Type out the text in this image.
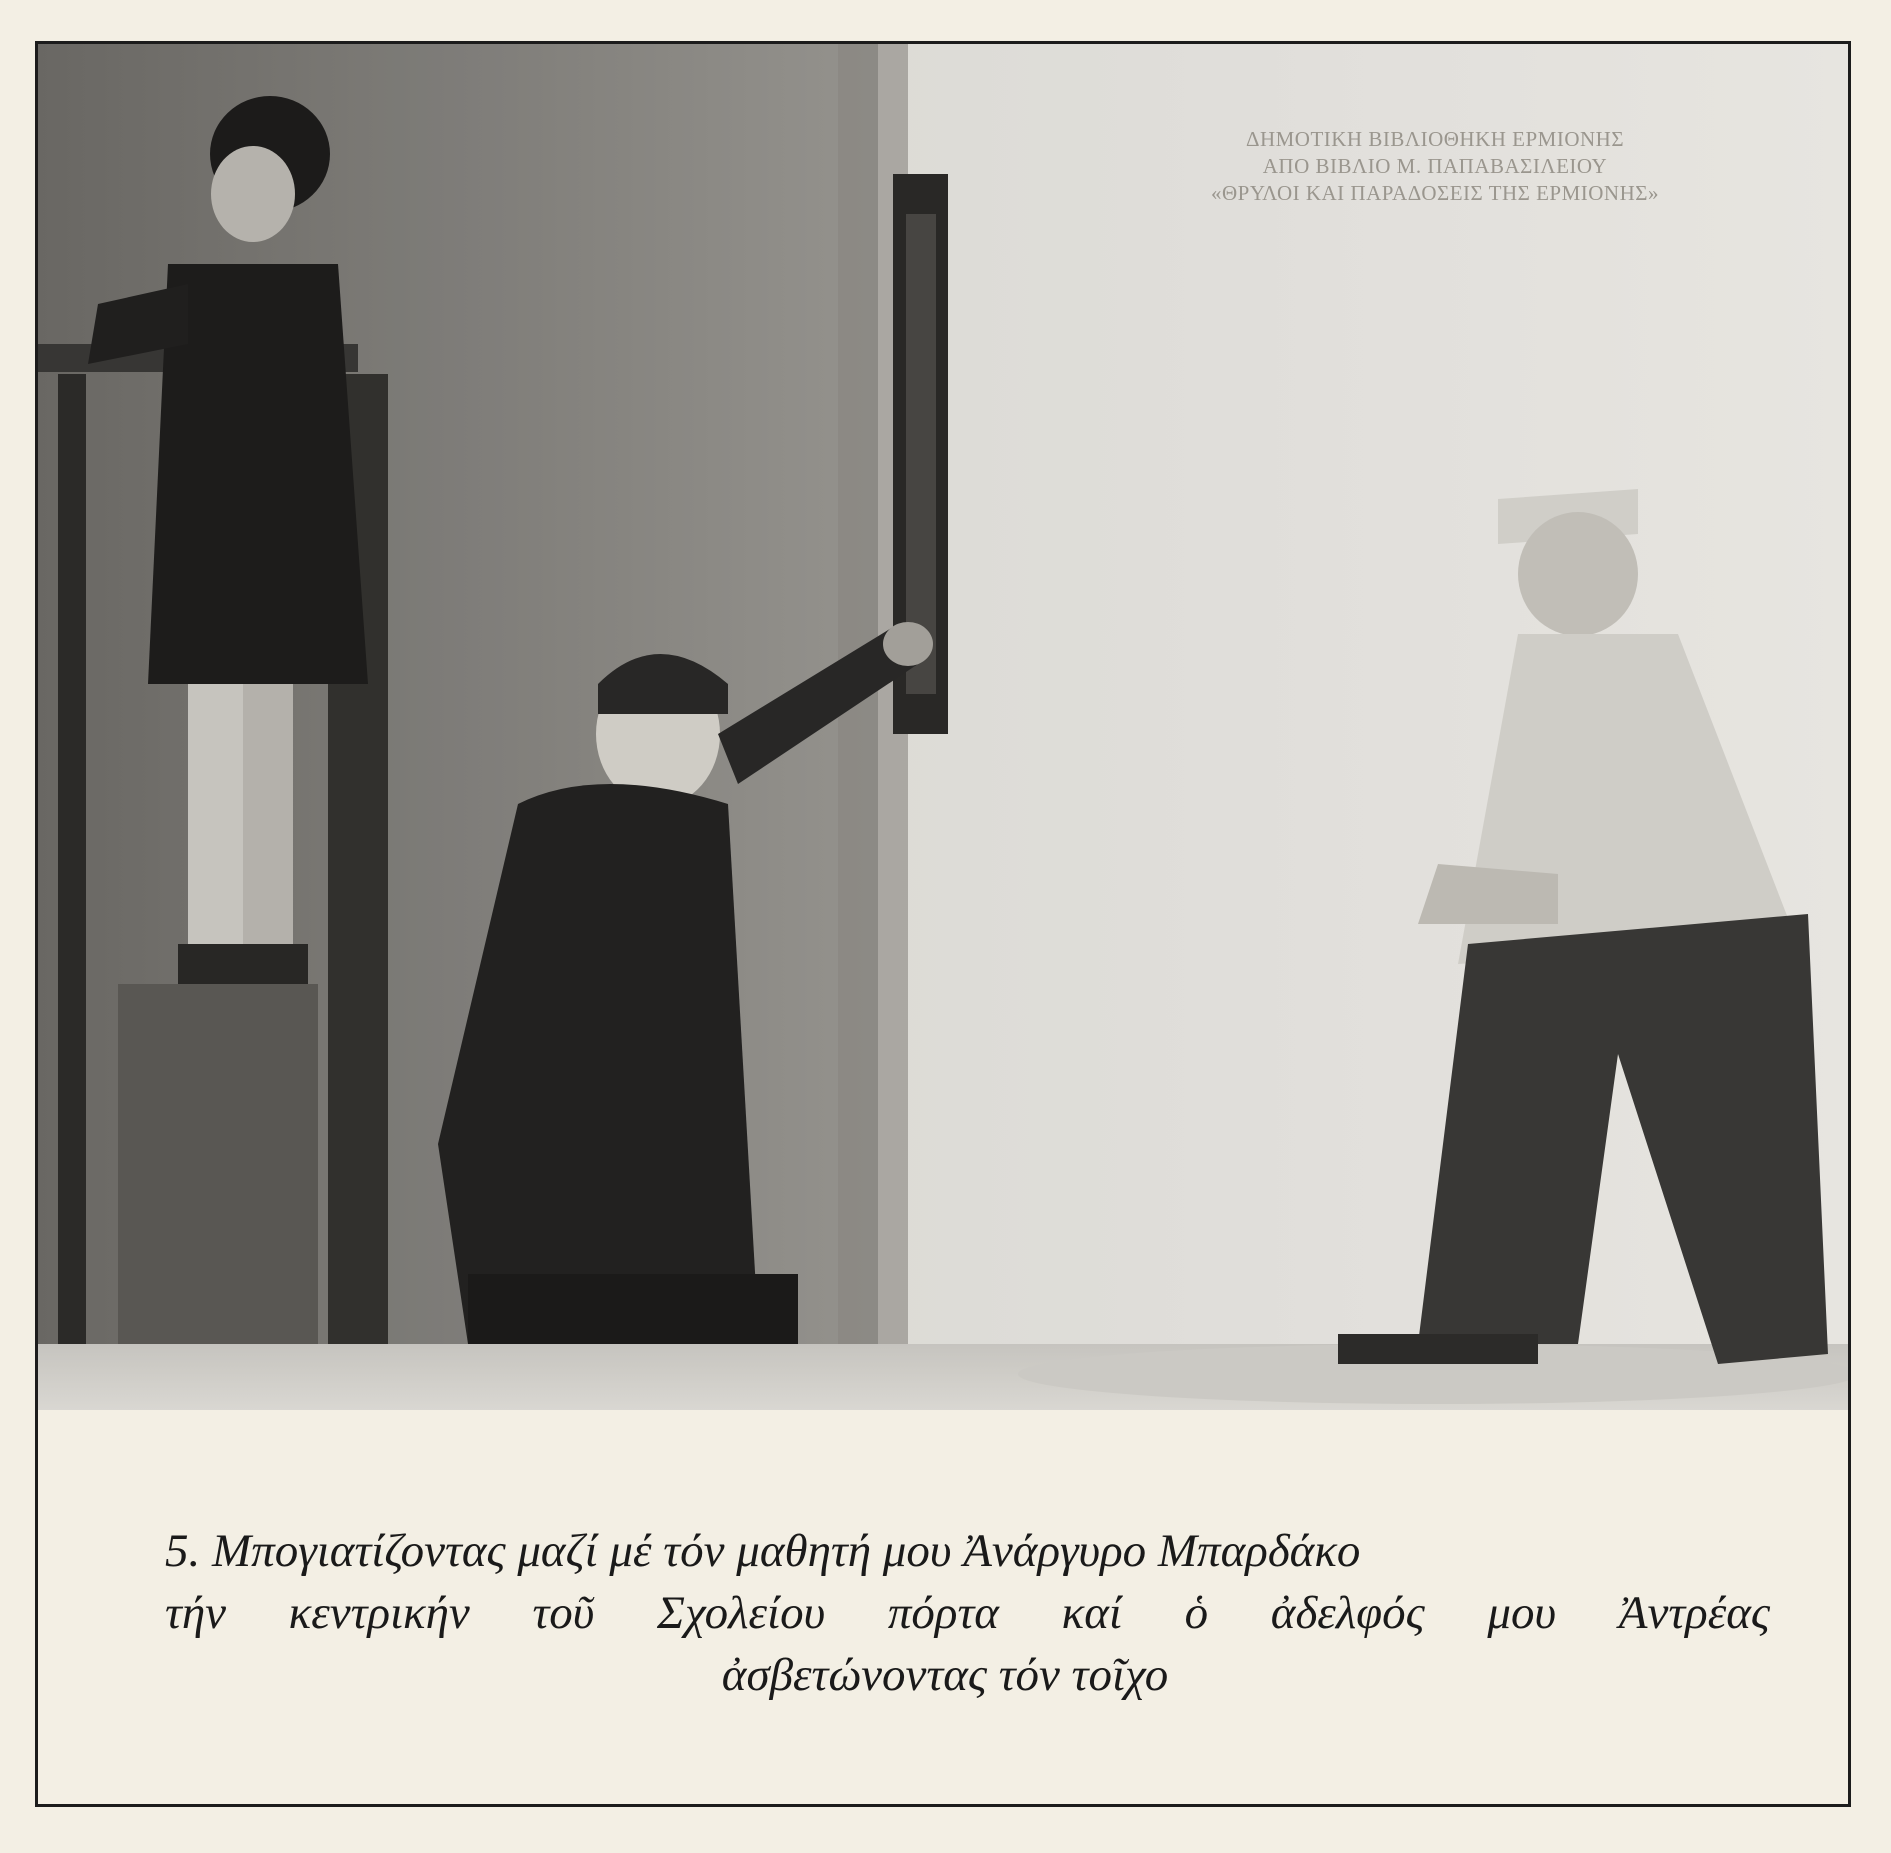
ΔΗΜΟΤΙΚΗ ΒΙΒΛΙΟΘΗΚΗ ΕΡΜΙΟΝΗΣ
ΑΠΟ ΒΙΒΛΙΟ Μ. ΠΑΠΑΒΑΣΙΛΕΙΟΥ
«ΘΡΥΛΟΙ ΚΑΙ ΠΑΡΑΔΟΣΕΙΣ ΤΗΣ ΕΡΜΙΟΝΗΣ»
5. Μπογιατίζοντας μαζί μέ τόν μαθητή μου Ἀνάργυρο Μπαρδάκο
τήν κεντρικήν τοῦ Σχολείου πόρτα καί ὁ ἀδελφός μου Ἀντρέας
ἀσβετώνοντας τόν τοῖχο
